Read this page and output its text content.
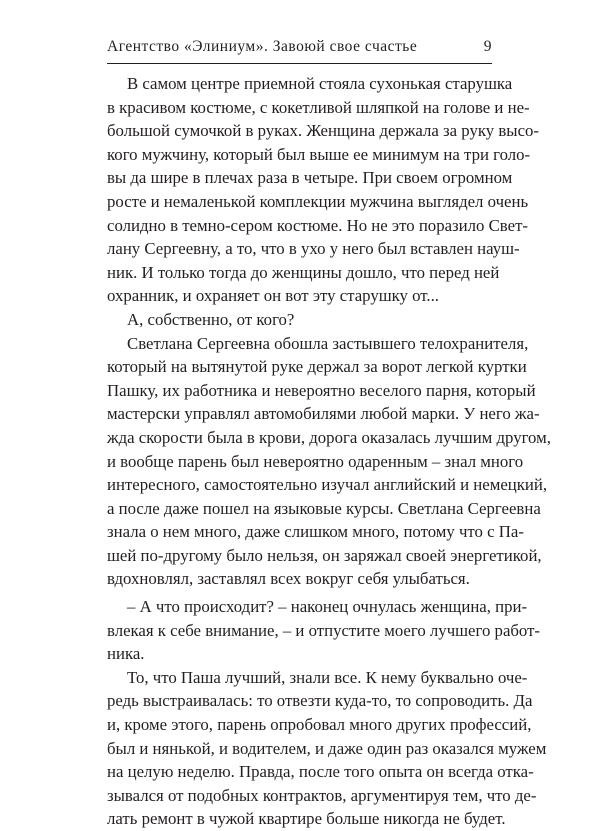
Агентство «Элиниум». Завоюй свое счастье	9
В самом центре приемной стояла сухонькая старушка
в красивом костюме, с кокетливой шляпкой на голове и не-
большой сумочкой в руках. Женщина держала за руку высо-
кого мужчину, который был выше ее минимум на три голо-
вы да шире в плечах раза в четыре. При своем огромном
росте и немаленькой комплекции мужчина выглядел очень
солидно в темно-сером костюме. Но не это поразило Свет-
лану Сергеевну, а то, что в ухо у него был вставлен науш-
ник. И только тогда до женщины дошло, что перед ней
охранник, и охраняет он вот эту старушку от...
А, собственно, от кого?
Светлана Сергеевна обошла застывшего телохранителя,
который на вытянутой руке держал за ворот легкой куртки
Пашку, их работника и невероятно веселого парня, который
мастерски управлял автомобилями любой марки. У него жа-
жда скорости была в крови, дорога оказалась лучшим другом,
и вообще парень был невероятно одаренным – знал много
интересного, самостоятельно изучал английский и немецкий,
а после даже пошел на языковые курсы. Светлана Сергеевна
знала о нем много, даже слишком много, потому что с Па-
шей по-другому было нельзя, он заряжал своей энергетикой,
вдохновлял, заставлял всех вокруг себя улыбаться.
– А что происходит? – наконец очнулась женщина, при-
влекая к себе внимание, – и отпустите моего лучшего работ-
ника.
То, что Паша лучший, знали все. К нему буквально оче-
редь выстраивалась: то отвезти куда-то, то сопроводить. Да
и, кроме этого, парень опробовал много других профессий,
был и нянькой, и водителем, и даже один раз оказался мужем
на целую неделю. Правда, после того опыта он всегда отка-
зывался от подобных контрактов, аргументируя тем, что де-
лать ремонт в чужой квартире больше никогда не будет.
